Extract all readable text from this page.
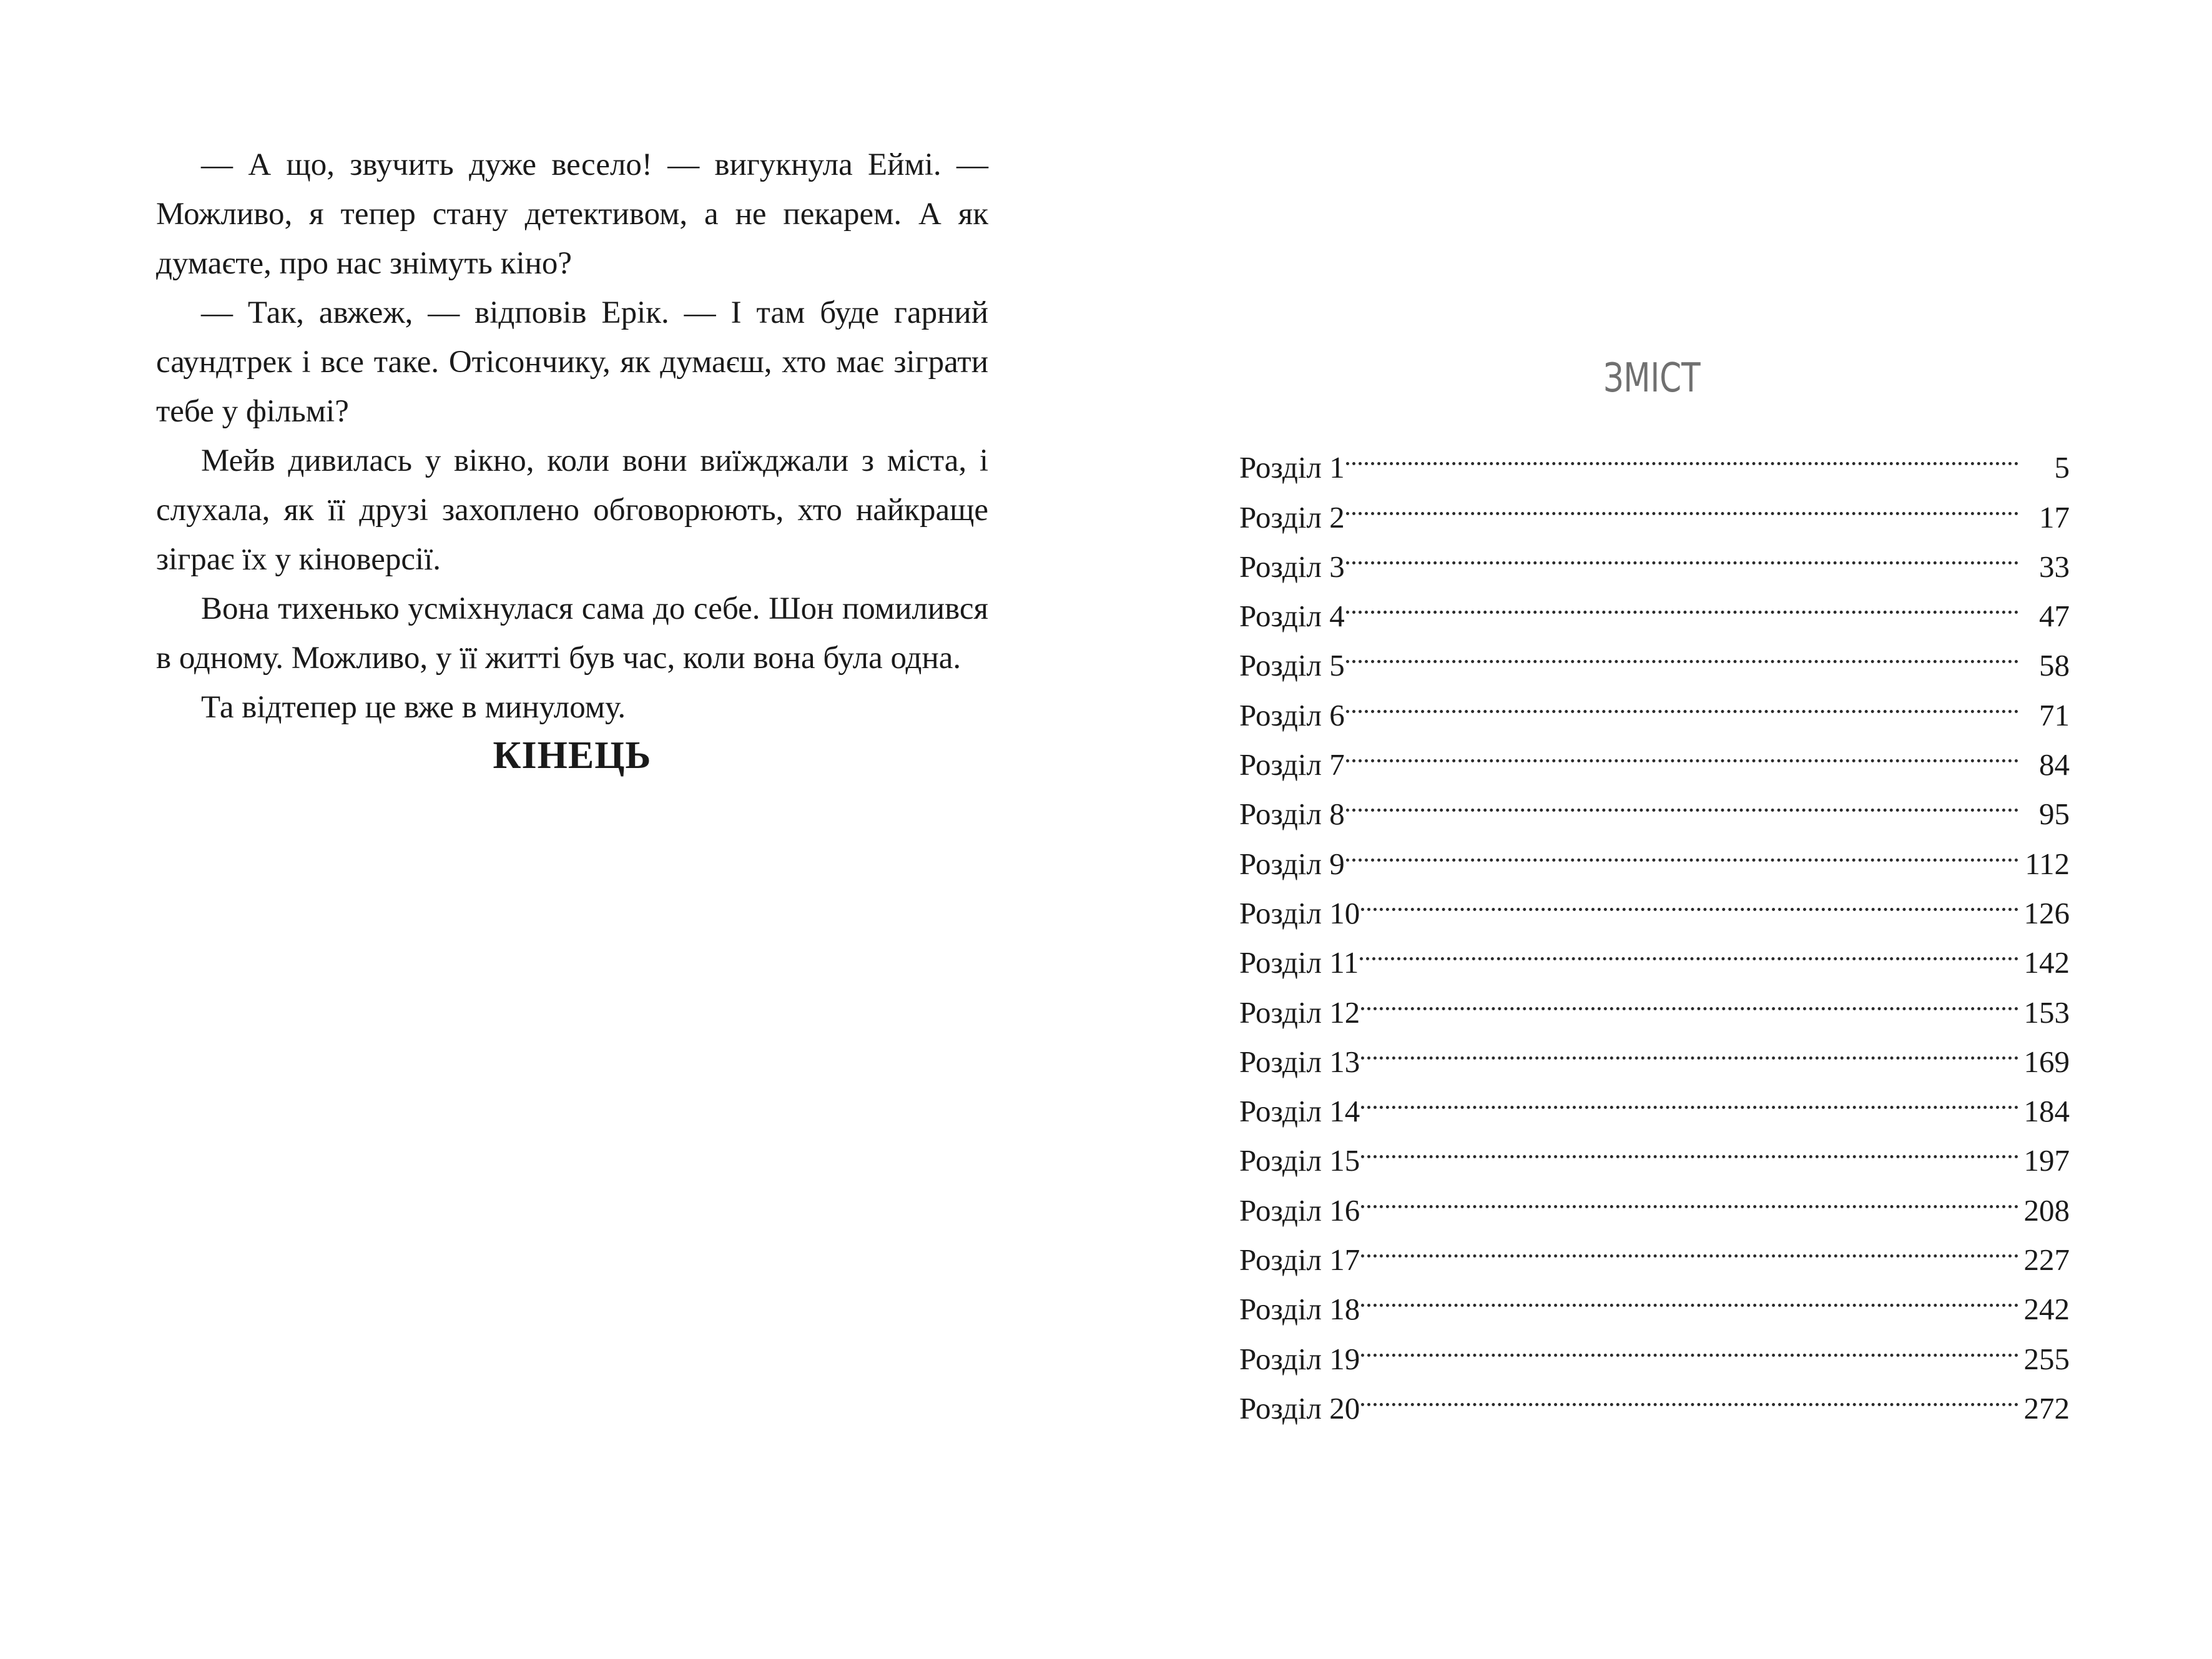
— А що, звучить дуже весело! — вигукнула Еймі. — Можливо, я тепер стану детективом, а не пекарем. А як думаєте, про нас знімуть кіно?

— Так, авжеж, — відповів Ерік. — І там буде гарний саундтрек і все таке. Отісончику, як думаєш, хто має зіграти тебе у фільмі?

Мейв дивилась у вікно, коли вони виїжджали з міста, і слухала, як її друзі захоплено обговорюють, хто найкраще зіграє їх у кіноверсії.

Вона тихенько усміхнулася сама до себе. Шон помилився в одному. Можливо, у її житті був час, коли вона була одна.

Та відтепер це вже в минулому.

КІНЕЦЬ
ЗМІСТ
Розділ 1	5
Розділ 2	17
Розділ 3	33
Розділ 4	47
Розділ 5	58
Розділ 6	71
Розділ 7	84
Розділ 8	95
Розділ 9	112
Розділ 10	126
Розділ 11	142
Розділ 12	153
Розділ 13	169
Розділ 14	184
Розділ 15	197
Розділ 16	208
Розділ 17	227
Розділ 18	242
Розділ 19	255
Розділ 20	272
